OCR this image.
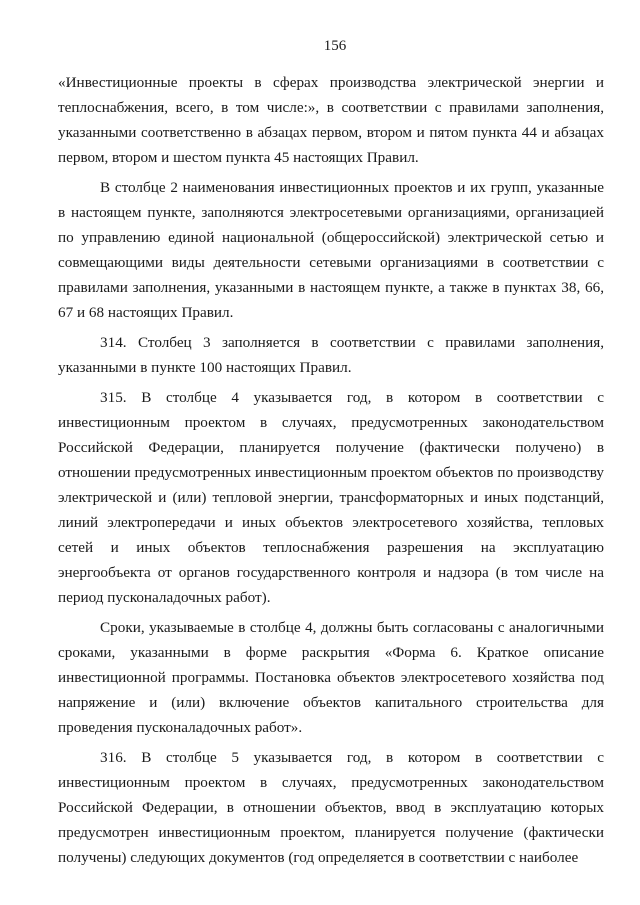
156

«Инвестиционные проекты в сферах производства электрической энергии и теплоснабжения, всего, в том числе:», в соответствии с правилами заполнения, указанными соответственно в абзацах первом, втором и пятом пункта 44 и абзацах первом, втором и шестом пункта 45 настоящих Правил.

В столбце 2 наименования инвестиционных проектов и их групп, указанные в настоящем пункте, заполняются электросетевыми организациями, организацией по управлению единой национальной (общероссийской) электрической сетью и совмещающими виды деятельности сетевыми организациями в соответствии с правилами заполнения, указанными в настоящем пункте, а также в пунктах 38, 66, 67 и 68 настоящих Правил.

314. Столбец 3 заполняется в соответствии с правилами заполнения, указанными в пункте 100 настоящих Правил.

315. В столбце 4 указывается год, в котором в соответствии с инвестиционным проектом в случаях, предусмотренных законодательством Российской Федерации, планируется получение (фактически получено) в отношении предусмотренных инвестиционным проектом объектов по производству электрической и (или) тепловой энергии, трансформаторных и иных подстанций, линий электропередачи и иных объектов электросетевого хозяйства, тепловых сетей и иных объектов теплоснабжения разрешения на эксплуатацию энергообъекта от органов государственного контроля и надзора (в том числе на период пусконаладочных работ).

Сроки, указываемые в столбце 4, должны быть согласованы с аналогичными сроками, указанными в форме раскрытия «Форма 6. Краткое описание инвестиционной программы. Постановка объектов электросетевого хозяйства под напряжение и (или) включение объектов капитального строительства для проведения пусконаладочных работ».

316. В столбце 5 указывается год, в котором в соответствии с инвестиционным проектом в случаях, предусмотренных законодательством Российской Федерации, в отношении объектов, ввод в эксплуатацию которых предусмотрен инвестиционным проектом, планируется получение (фактически получены) следующих документов (год определяется в соответствии с наиболее
